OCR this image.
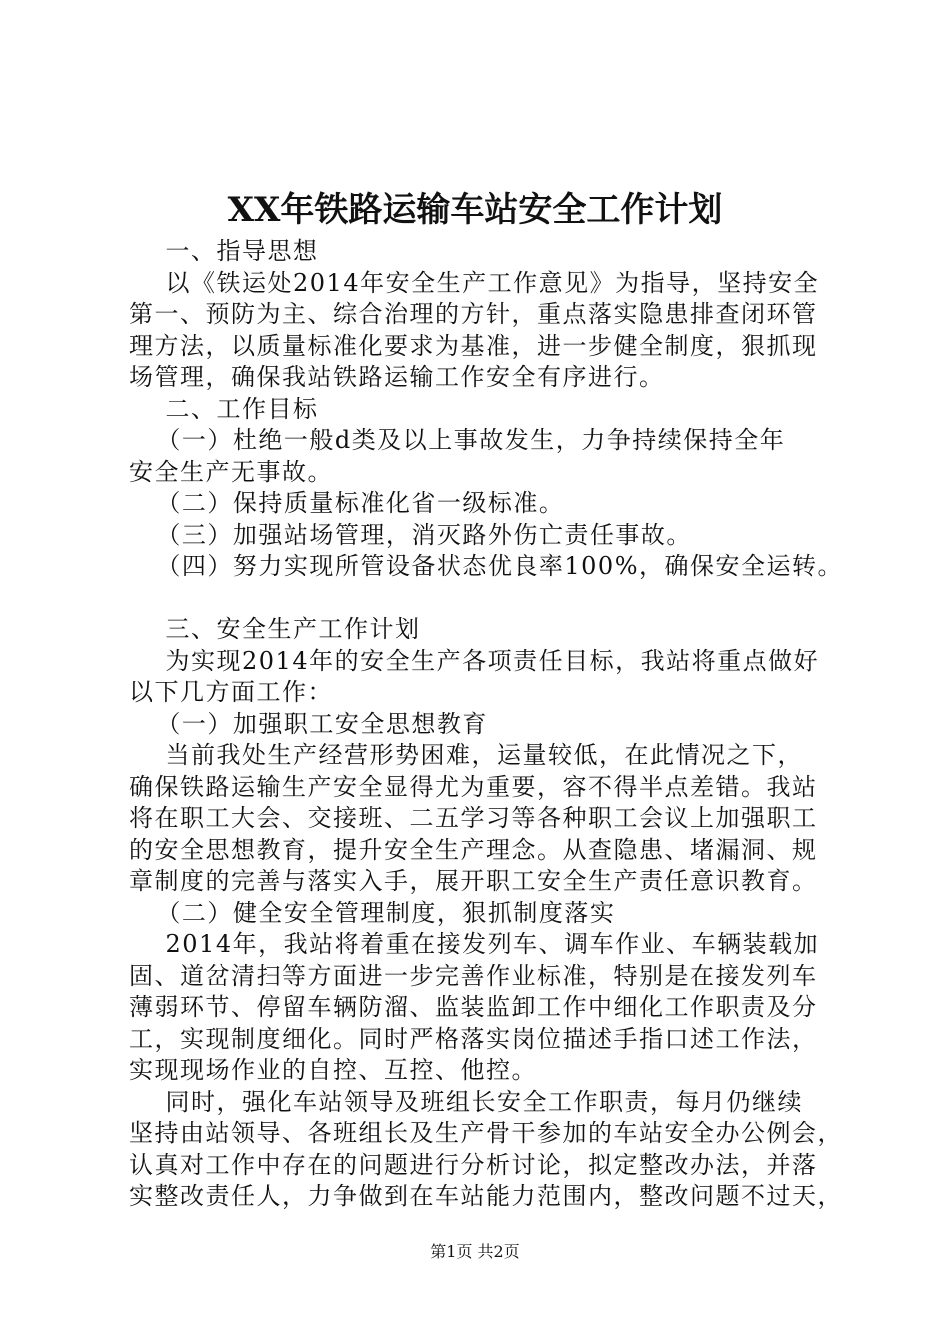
XX年铁路运输车站安全工作计划

一、指导思想

以《铁运处2014年安全生产工作意见》为指导，坚持安全

第一、预防为主、综合治理的方针，重点落实隐患排查闭环管

理方法，以质量标准化要求为基准，进一步健全制度，狠抓现

场管理，确保我站铁路运输工作安全有序进行。

二、工作目标

（一）杜绝一般d类及以上事故发生，力争持续保持全年

安全生产无事故。

（二）保持质量标准化省一级标准。

（三）加强站场管理，消灭路外伤亡责任事故。

（四）努力实现所管设备状态优良率100%，确保安全运转。

三、安全生产工作计划

为实现2014年的安全生产各项责任目标，我站将重点做好

以下几方面工作：

（一）加强职工安全思想教育

当前我处生产经营形势困难，运量较低，在此情况之下，

确保铁路运输生产安全显得尤为重要，容不得半点差错。我站

将在职工大会、交接班、二五学习等各种职工会议上加强职工

的安全思想教育，提升安全生产理念。从查隐患、堵漏洞、规

章制度的完善与落实入手，展开职工安全生产责任意识教育。

（二）健全安全管理制度，狠抓制度落实

2014年，我站将着重在接发列车、调车作业、车辆装载加

固、道岔清扫等方面进一步完善作业标准，特别是在接发列车

薄弱环节、停留车辆防溜、监装监卸工作中细化工作职责及分

工，实现制度细化。同时严格落实岗位描述手指口述工作法，

实现现场作业的自控、互控、他控。

同时，强化车站领导及班组长安全工作职责，每月仍继续

坚持由站领导、各班组长及生产骨干参加的车站安全办公例会，

认真对工作中存在的问题进行分析讨论，拟定整改办法，并落

实整改责任人，力争做到在车站能力范围内，整改问题不过天，

第1页 共2页
